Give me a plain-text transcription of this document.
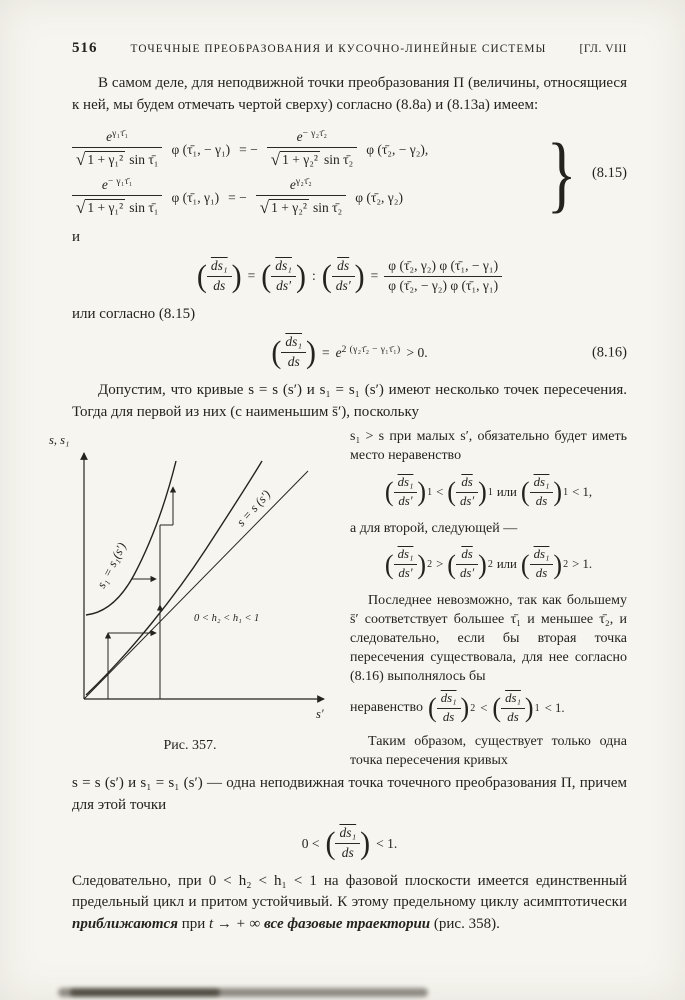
516	ТОЧЕЧНЫЕ ПРЕОБРАЗОВАНИЯ И КУСОЧНО-ЛИНЕЙНЫЕ СИСТЕМЫ	[ГЛ. VIII

В самом деле, для неподвижной точки преобразования П (величины, относящиеся к ней, мы будем отмечать чертой сверху) согласно (8.8а) и (8.13а) имеем:

$\frac{e^{\gamma_1\taū_1}}{\text{√ 1 + γ₁² sin τ̄₁}}$ φ (τ̄₁, − γ₁) = − $\frac{e^{- \gamma_2\taū_2}}{\text{√ 1 + γ₂² sin τ̄₂}}$ φ (τ̄₂, − γ₂),
$\frac{e^{- \gamma_1\taū_1}}{\text{√ 1 + γ₁² sin τ̄₁}}$ φ (τ̄₁, γ₁) = − $\frac{e^{\gamma_2\taū_2}}{\text{√ 1 + γ₂² sin τ̄₂}}$ φ (τ̄₂, γ₂) } (8.15)

и

( $\frac{\text{ds₁}}{ds}$ ) = ( $\frac{\text{ds₁}}{ds'}$ ) : ( $\frac{\overline{ds}}{ds'}$ ) = $\frac{\text{φ (τ̄₂, γ₂) φ (τ̄₁, − γ₁)}}{\text{φ (τ̄₂, − γ₂) φ (τ̄₁, γ₁)}}$

или согласно (8.15)

( $\frac{\text{ds₁}}{ds}$ ) = $e^{2 (\gamma_2\taū_2 - \gamma_1\taū_1)} > 0$.	(8.16)

Допустим, что кривые s = s (s′) и s₁ = s₁ (s′) имеют несколько точек пересечения. Тогда для первой из них (с наименьшим s̄′), поскольку

s, s₁
s′
s₁ = s₁(s′)
s = s (s′)
0 < h₂ < h₁ < 1
Рис. 357.

s₁ > s при малых s′, обязательно будет иметь место неравенство

( $\frac{\text{ds₁}}{ds'}$ ) 1 < ( $\frac{\overline{ds}}{ds'}$ ) 1 или ( $\frac{\text{ds₁}}{ds}$ ) 1 < 1,

а для второй, следующей —

( $\frac{\text{ds₁}}{ds'}$ ) 2 > ( $\frac{\overline{ds}}{ds'}$ ) 2 или ( $\frac{\text{ds₁}}{ds}$ ) 2 > 1.

Последнее невозможно, так как большему s̄′ соответствует большее τ̄₁ и меньшее τ̄₂, и следовательно, если бы вторая точка пересечения существовала, для нее согласно (8.16) выполнялось бы

неравенство ( $\frac{\text{ds₁}}{ds}$ ) 2 < ( $\frac{\text{ds₁}}{ds}$ ) 1 < 1.

Таким образом, существует только одна точка пересечения кривых

s = s (s′) и s₁ = s₁ (s′) — одна неподвижная точка точечного преобразования П, причем для этой точки

0 < ( $\frac{\text{ds₁}}{ds}$ ) < 1.

Следовательно, при 0 < h₂ < h₁ < 1 на фазовой плоскости имеется единственный предельный цикл и притом устойчивый. К этому предельному циклу асимптотически приближаются при t → + ∞ все фазовые траектории (рис. 358).
